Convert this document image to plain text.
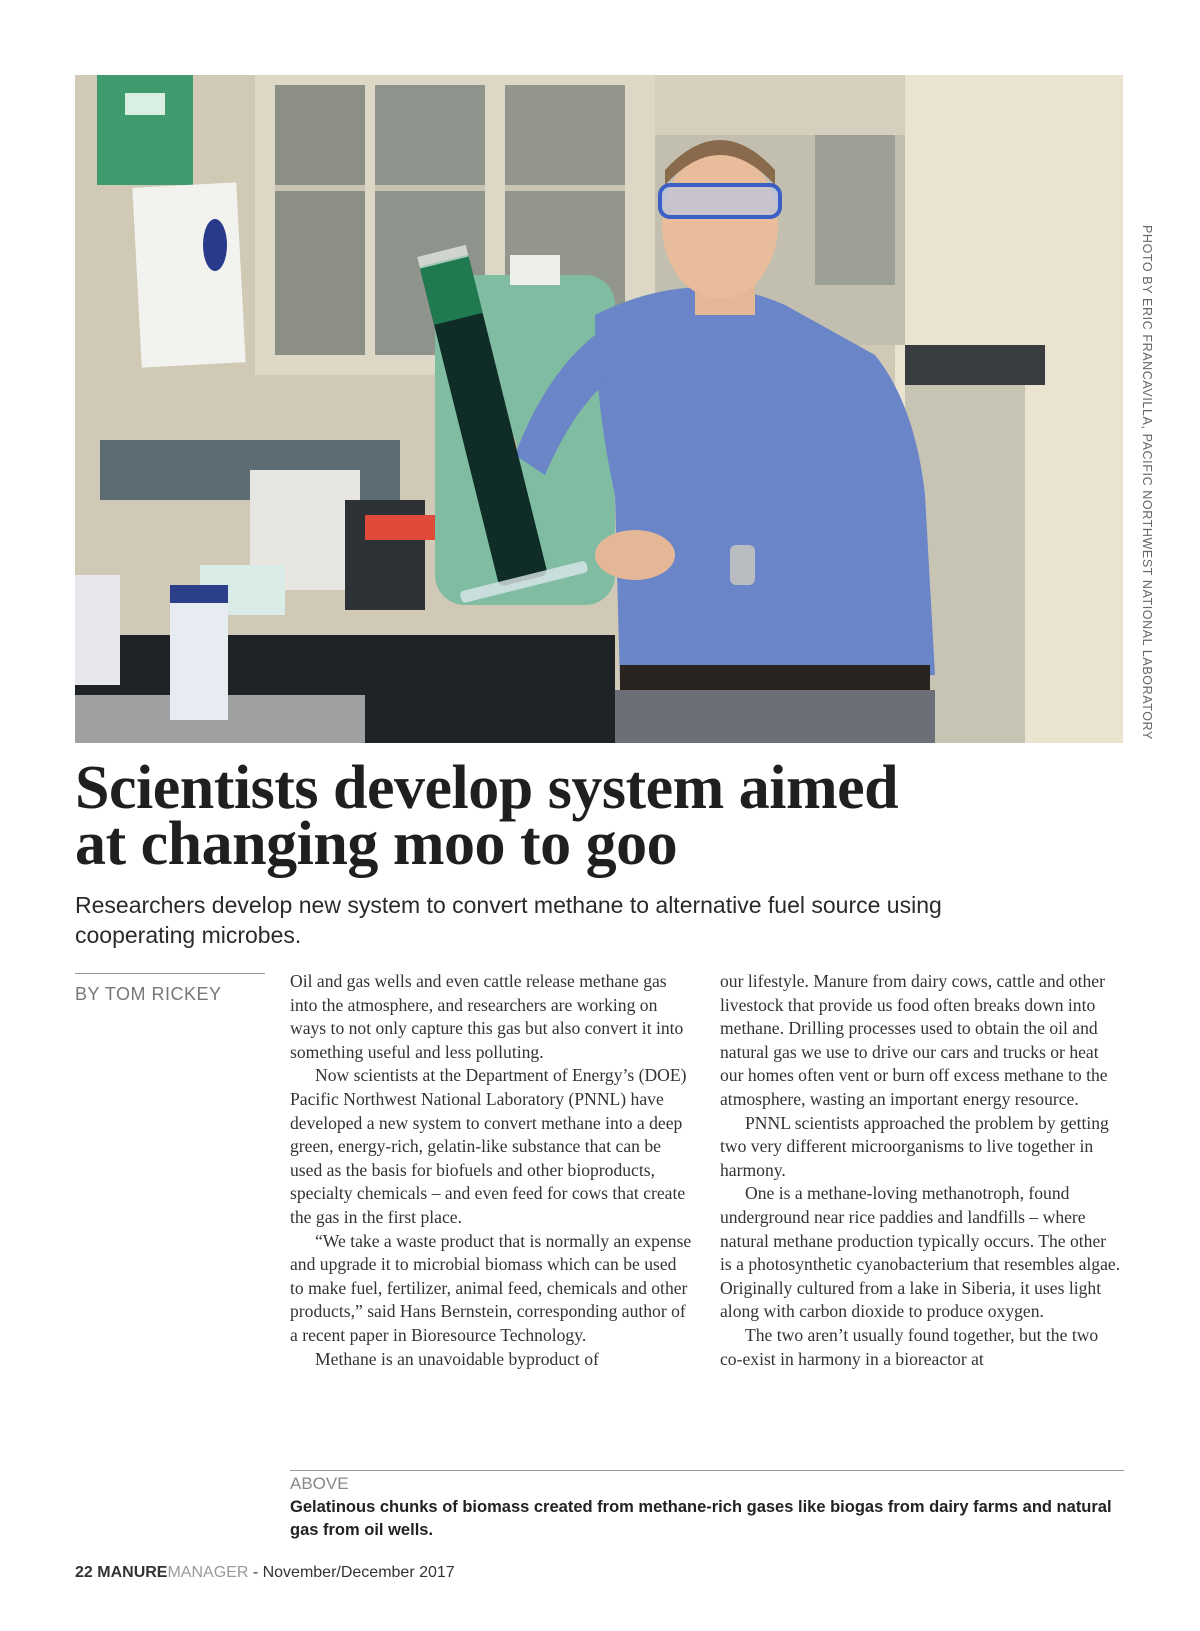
PHOTO BY ERIC FRANCAVILLA, PACIFIC NORTHWEST NATIONAL LABORATORY
Scientists develop system aimed
at changing moo to goo

Researchers develop new system to convert methane to alternative fuel source using cooperating microbes.

BY TOM RICKEY

Oil and gas wells and even cattle release methane gas into the atmosphere, and researchers are working on ways to not only capture this gas but also convert it into something useful and less polluting.

Now scientists at the Department of Energy’s (DOE) Pacific Northwest National Laboratory (PNNL) have developed a new system to convert methane into a deep green, energy-rich, gelatin-like substance that can be used as the basis for biofuels and other bioproducts, specialty chemicals – and even feed for cows that create the gas in the first place.

“We take a waste product that is normally an expense and upgrade it to microbial biomass which can be used to make fuel, fertilizer, animal feed, chemicals and other products,” said Hans Bernstein, corresponding author of a recent paper in Bioresource Technology.

Methane is an unavoidable byproduct of

our lifestyle. Manure from dairy cows, cattle and other livestock that provide us food often breaks down into methane. Drilling processes used to obtain the oil and natural gas we use to drive our cars and trucks or heat our homes often vent or burn off excess methane to the atmosphere, wasting an important energy resource.

PNNL scientists approached the problem by getting two very different microorganisms to live together in harmony.

One is a methane-loving methanotroph, found underground near rice paddies and landfills – where natural methane production typically occurs. The other is a photosynthetic cyanobacterium that resembles algae. Originally cultured from a lake in Siberia, it uses light along with carbon dioxide to produce oxygen.

The two aren’t usually found together, but the two co-exist in harmony in a bioreactor at

ABOVE
Gelatinous chunks of biomass created from methane-rich gases like biogas from dairy farms and natural gas from oil wells.
22 MANUREMANAGER - November/December 2017
